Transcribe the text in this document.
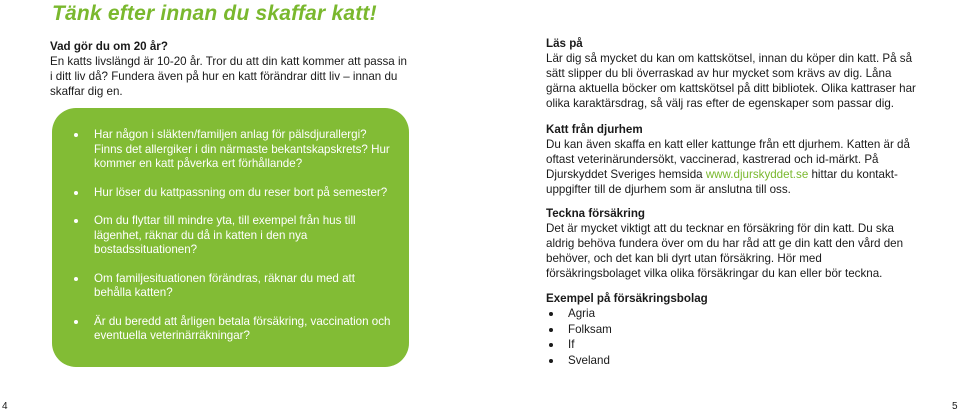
Tänk efter innan du skaffar katt!

Vad gör du om 20 år?

En katts livslängd är 10-20 år. Tror du att din katt kommer att passa in i ditt liv då? Fundera även på hur en katt förändrar ditt liv – innan du skaffar dig en.

Har någon i släkten/familjen anlag för pälsdjurallergi? Finns det allergiker i din närmaste bekantskapskrets? Hur kommer en katt påverka ert förhållande?
Hur löser du kattpassning om du reser bort på semester?
Om du flyttar till mindre yta, till exempel från hus till lägenhet, räknar du då in katten i den nya bostadssituationen?
Om familjesituationen förändras, räknar du med att behålla katten?
Är du beredd att årligen betala försäkring, vaccination och eventuella veterinärräkningar?
Läs på

Lär dig så mycket du kan om kattskötsel, innan du köper din katt. På så sätt slipper du bli överraskad av hur mycket som krävs av dig. Låna gärna aktuella böcker om kattskötsel på ditt bibliotek. Olika kattraser har olika karaktärsdrag, så välj ras efter de egenskaper som passar dig.

Katt från djurhem

Du kan även skaffa en katt eller kattunge från ett djurhem. Katten är då oftast veterinärundersökt, vaccinerad, kastrerad och id-märkt. På Djurskyddet Sveriges hemsida www.djurskyddet.se hittar du kontakt-uppgifter till de djurhem som är anslutna till oss.

Teckna försäkring

Det är mycket viktigt att du tecknar en försäkring för din katt. Du ska aldrig behöva fundera över om du har råd att ge din katt den vård den behöver, och det kan bli dyrt utan försäkring. Hör med försäkringsbolaget vilka olika försäkringar du kan eller bör teckna.

Exempel på försäkringsbolag
Agria
Folksam
If
Sveland
4	5
